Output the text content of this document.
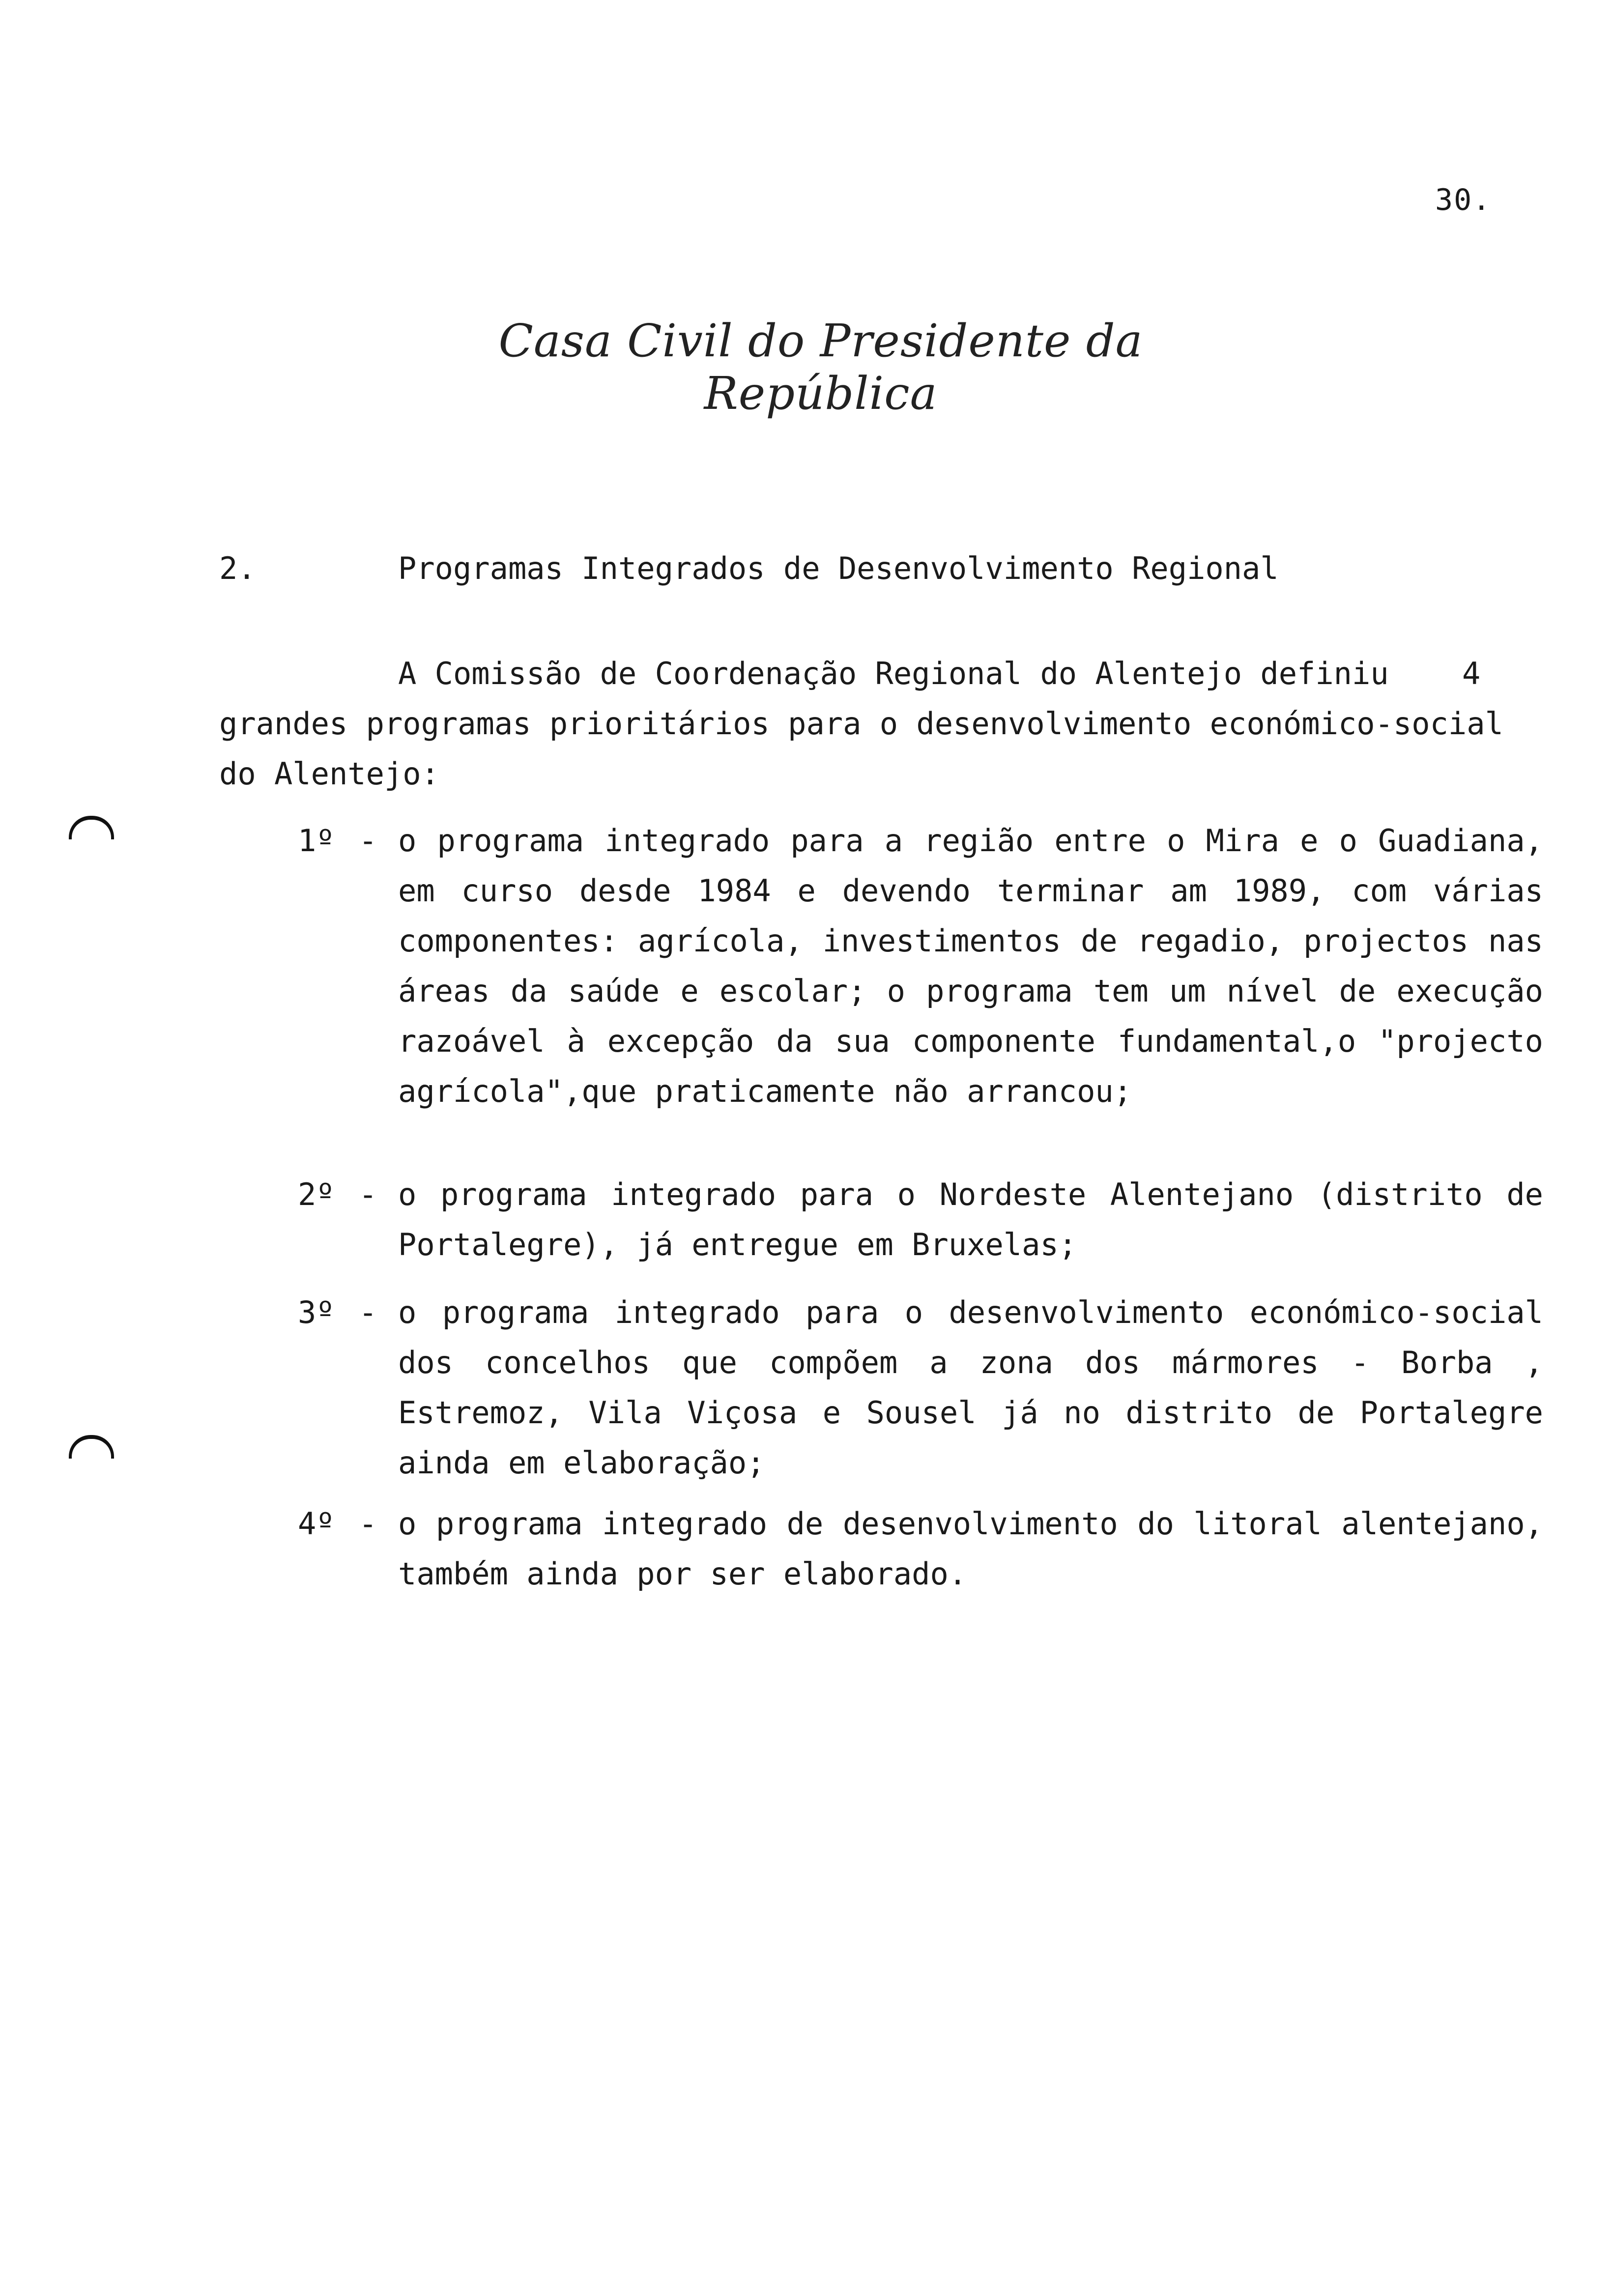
30.
Casa Civil do Presidente da República
2.	Programas Integrados de Desenvolvimento Regional
A Comissão de Coordenação Regional do Alentejo definiu    4
grandes programas prioritários para o desenvolvimento económico-social do Alentejo:
1º - o programa integrado para a região entre o Mira e o Guadiana, em curso desde 1984 e devendo terminar am 1989, com várias componentes: agrícola, investimentos de regadio, projectos nas áreas da saúde e escolar; o programa tem um nível de execução razoável à excepção da sua componente fundamental,o "projecto agrícola",que praticamente não arrancou;
2º - o programa integrado para o Nordeste Alentejano (distrito de Portalegre), já entregue em Bruxelas;
3º - o programa integrado para o desenvolvimento económico-social dos concelhos que compõem a zona dos mármores - Borba , Estremoz, Vila Viçosa e Sousel já no distrito de Portalegre ainda em elaboração;
4º - o programa integrado de desenvolvimento do litoral alentejano, também ainda por ser elaborado.
